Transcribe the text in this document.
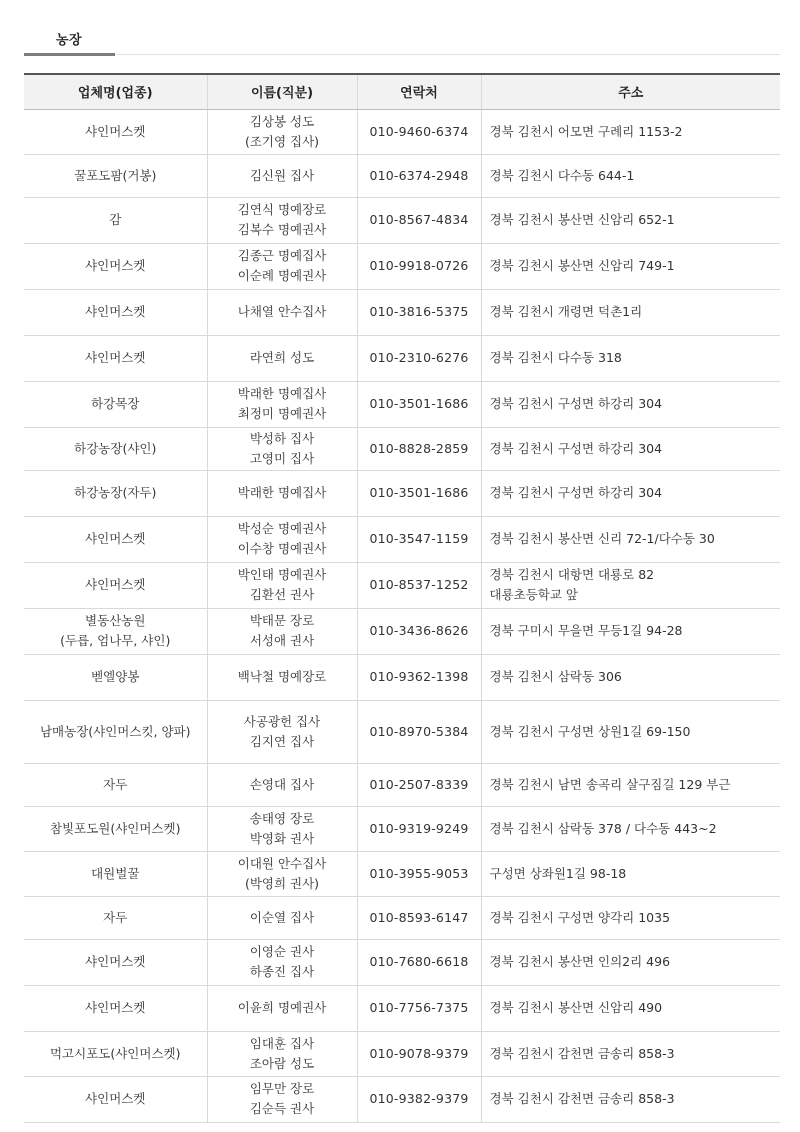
농장
업체명(업종)	이름(직분)	연락처	주소

샤인머스켓	김상봉 성도
(조기영 집사)	010-9460-6374	경북 김천시 어모면 구례리 1153-2

꿀포도팜(거봉)	김신원 집사	010-6374-2948	경북 김천시 다수동 644-1

감	김연식 명예장로
김복수 명예권사	010-8567-4834	경북 김천시 봉산면 신암리 652-1

샤인머스켓	김종근 명예집사
이순례 명예권사	010-9918-0726	경북 김천시 봉산면 신암리 749-1

샤인머스켓	나채열 안수집사	010-3816-5375	경북 김천시 개령면 덕촌1리

샤인머스켓	라연희 성도	010-2310-6276	경북 김천시 다수동 318

하강목장	박래한 명예집사
최정미 명예권사	010-3501-1686	경북 김천시 구성면 하강리 304

하강농장(샤인)	박성하 집사
고영미 집사	010-8828-2859	경북 김천시 구성면 하강리 304

하강농장(자두)	박래한 명예집사	010-3501-1686	경북 김천시 구성면 하강리 304

샤인머스켓	박성순 명예권사
이수창 명예권사	010-3547-1159	경북 김천시 봉산면 신리 72-1/다수동 30

샤인머스켓	박인태 명예권사
김환선 권사	010-8537-1252	경북 김천시 대항면 대룡로 82
대룡초등학교 앞

별동산농원
(두릅, 엄나무, 샤인)	박태문 장로
서성애 권사	010-3436-8626	경북 구미시 무을면 무등1길 94-28

벧엘양봉	백낙철 명예장로	010-9362-1398	경북 김천시 삼락동 306

남매농장(샤인머스킷, 양파)	사공광헌 집사
김지연 집사	010-8970-5384	경북 김천시 구성면 상원1길 69-150

자두	손영대 집사	010-2507-8339	경북 김천시 남면 송곡리 살구짐길 129 부근

참빛포도원(샤인머스켓)	송태영 장로
박영화 권사	010-9319-9249	경북 김천시 삼락동 378 / 다수동 443~2

대원벌꿀	이대원 안수집사
(박영희 권사)	010-3955-9053	구성면 상좌원1길 98-18

자두	이순열 집사	010-8593-6147	경북 김천시 구성면 양각리 1035

샤인머스켓	이영순 권사
하종진 집사	010-7680-6618	경북 김천시 봉산면 인의2리 496

샤인머스켓	이윤희 명예권사	010-7756-7375	경북 김천시 봉산면 신암리 490

먹고시포도(샤인머스켓)	임대훈 집사
조아람 성도	010-9078-9379	경북 김천시 감천면 금송리 858-3

샤인머스켓	임무만 장로
김순득 권사	010-9382-9379	경북 김천시 감천면 금송리 858-3
